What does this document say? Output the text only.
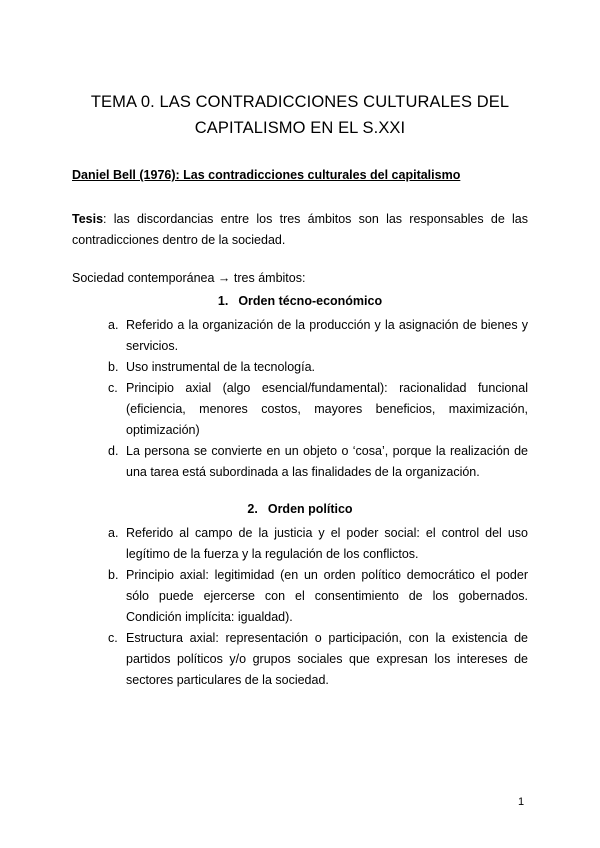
TEMA 0. LAS CONTRADICCIONES CULTURALES DEL
CAPITALISMO EN EL S.XXI
Daniel Bell (1976): Las contradicciones culturales del capitalismo
Tesis: las discordancias entre los tres ámbitos son las responsables de las contradicciones dentro de la sociedad.
Sociedad contemporánea → tres ámbitos:
1. Orden técno-económico
a. Referido a la organización de la producción y la asignación de bienes y servicios.
b. Uso instrumental de la tecnología.
c. Principio axial (algo esencial/fundamental): racionalidad funcional (eficiencia, menores costos, mayores beneficios, maximización, optimización)
d. La persona se convierte en un objeto o ‘cosa’, porque la realización de una tarea está subordinada a las finalidades de la organización.
2. Orden político
a. Referido al campo de la justicia y el poder social: el control del uso legítimo de la fuerza y la regulación de los conflictos.
b. Principio axial: legitimidad (en un orden político democrático el poder sólo puede ejercerse con el consentimiento de los gobernados. Condición implícita: igualdad).
c. Estructura axial: representación o participación, con la existencia de partidos políticos y/o grupos sociales que expresan los intereses de sectores particulares de la sociedad.
1
